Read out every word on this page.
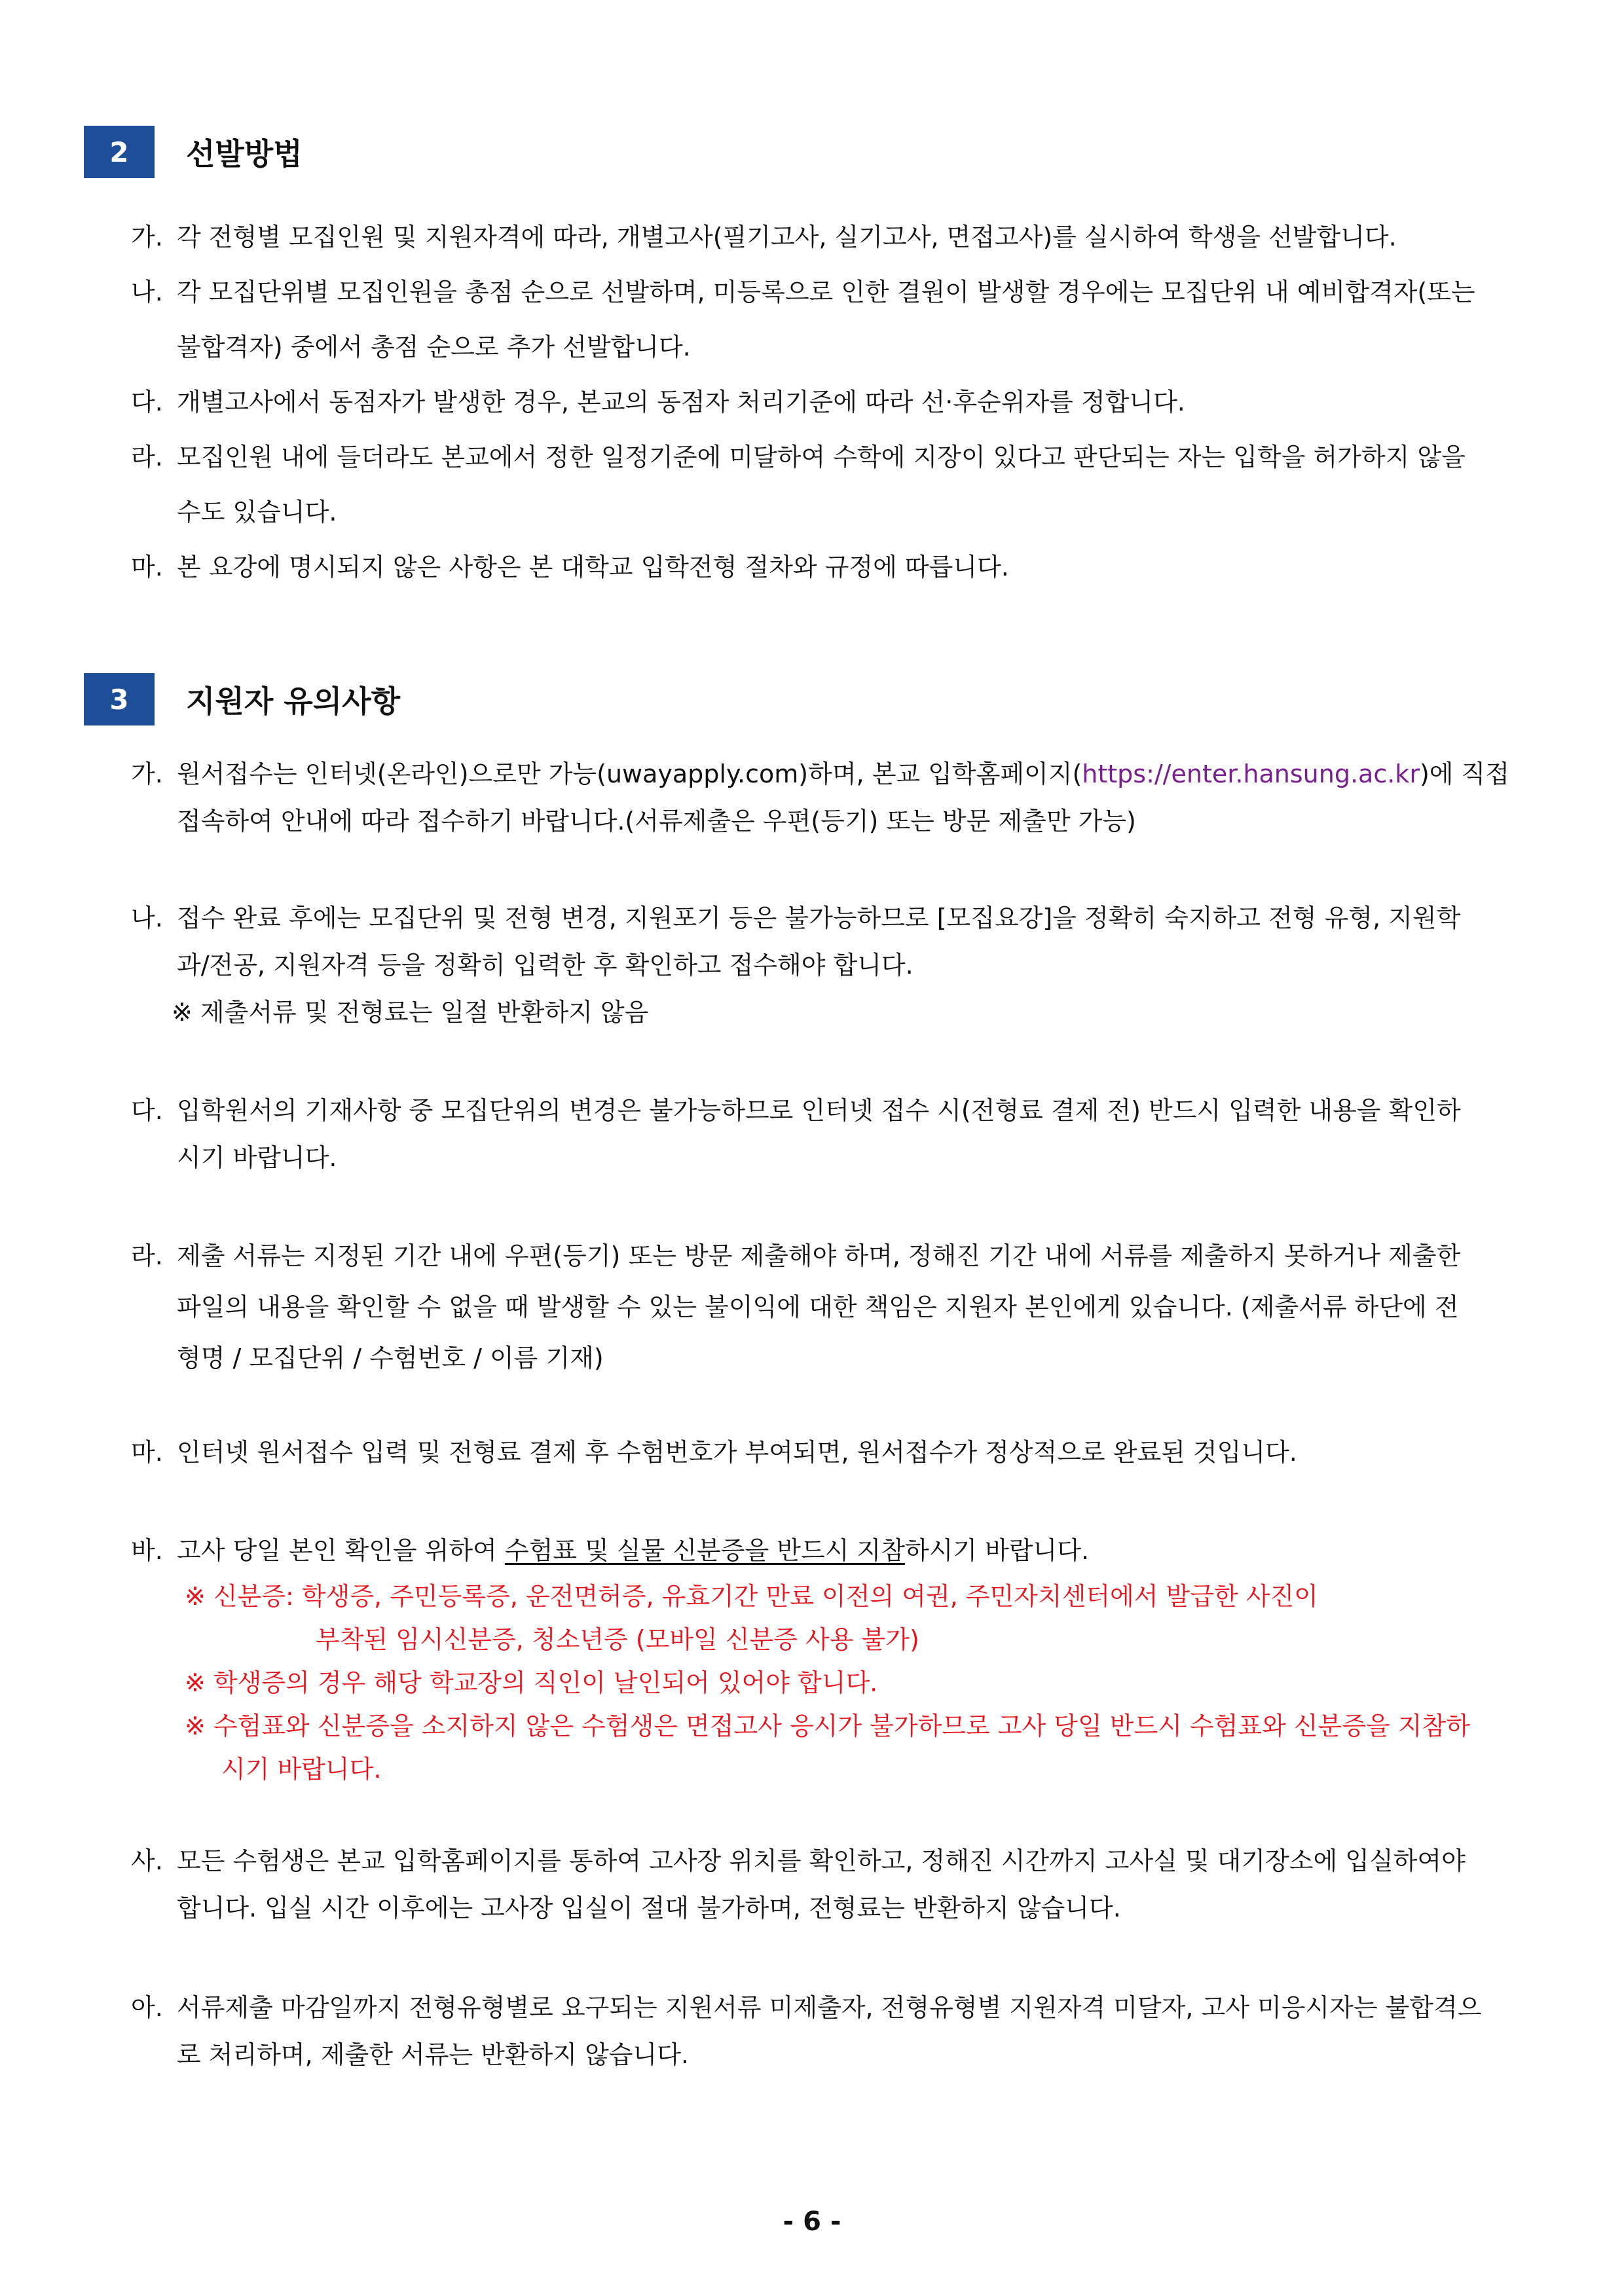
2	선발방법
가. 각 전형별 모집인원 및 지원자격에 따라, 개별고사(필기고사, 실기고사, 면접고사)를 실시하여 학생을 선발합니다.
나. 각 모집단위별 모집인원을 총점 순으로 선발하며, 미등록으로 인한 결원이 발생할 경우에는 모집단위 내 예비합격자(또는
불합격자) 중에서 총점 순으로 추가 선발합니다.
다. 개별고사에서 동점자가 발생한 경우, 본교의 동점자 처리기준에 따라 선·후순위자를 정합니다.
라. 모집인원 내에 들더라도 본교에서 정한 일정기준에 미달하여 수학에 지장이 있다고 판단되는 자는 입학을 허가하지 않을
수도 있습니다.
마. 본 요강에 명시되지 않은 사항은 본 대학교 입학전형 절차와 규정에 따릅니다.
3	지원자 유의사항
가. 원서접수는 인터넷(온라인)으로만 가능(uwayapply.com)하며, 본교 입학홈페이지(https://enter.hansung.ac.kr)에 직접
접속하여 안내에 따라 접수하기 바랍니다.(서류제출은 우편(등기) 또는 방문 제출만 가능)
나. 접수 완료 후에는 모집단위 및 전형 변경, 지원포기 등은 불가능하므로 [모집요강]을 정확히 숙지하고 전형 유형, 지원학
과/전공, 지원자격 등을 정확히 입력한 후 확인하고 접수해야 합니다.
※ 제출서류 및 전형료는 일절 반환하지 않음
다. 입학원서의 기재사항 중 모집단위의 변경은 불가능하므로 인터넷 접수 시(전형료 결제 전) 반드시 입력한 내용을 확인하
시기 바랍니다.
라. 제출 서류는 지정된 기간 내에 우편(등기) 또는 방문 제출해야 하며, 정해진 기간 내에 서류를 제출하지 못하거나 제출한
파일의 내용을 확인할 수 없을 때 발생할 수 있는 불이익에 대한 책임은 지원자 본인에게 있습니다. (제출서류 하단에 전
형명 / 모집단위 / 수험번호 / 이름 기재)
마. 인터넷 원서접수 입력 및 전형료 결제 후 수험번호가 부여되면, 원서접수가 정상적으로 완료된 것입니다.
바. 고사 당일 본인 확인을 위하여 수험표 및 실물 신분증을 반드시 지참하시기 바랍니다.
※ 신분증: 학생증, 주민등록증, 운전면허증, 유효기간 만료 이전의 여권, 주민자치센터에서 발급한 사진이
부착된 임시신분증, 청소년증 (모바일 신분증 사용 불가)
※ 학생증의 경우 해당 학교장의 직인이 날인되어 있어야 합니다.
※ 수험표와 신분증을 소지하지 않은 수험생은 면접고사 응시가 불가하므로 고사 당일 반드시 수험표와 신분증을 지참하
시기 바랍니다.
사. 모든 수험생은 본교 입학홈페이지를 통하여 고사장 위치를 확인하고, 정해진 시간까지 고사실 및 대기장소에 입실하여야
합니다. 입실 시간 이후에는 고사장 입실이 절대 불가하며, 전형료는 반환하지 않습니다.
아. 서류제출 마감일까지 전형유형별로 요구되는 지원서류 미제출자, 전형유형별 지원자격 미달자, 고사 미응시자는 불합격으
로 처리하며, 제출한 서류는 반환하지 않습니다.
- 6 -
